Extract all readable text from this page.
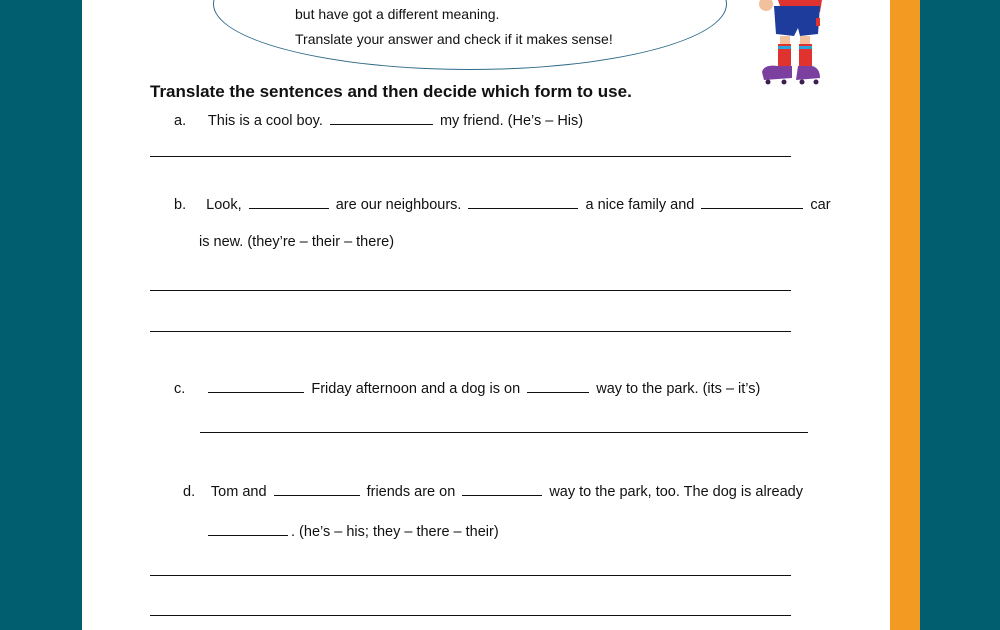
but have got a different meaning.
Translate your answer and check if it makes sense!
Translate the sentences and then decide which form to use.
a. This is a cool boy.	my friend. (He’s – His)
b. Look,	are our neighbours.	a nice family and	car
is new. (they’re – their – there)
c.	Friday afternoon and a dog is on	way to the park. (its – it’s)
d. Tom and	friends are on	way to the park, too. The dog is already
. (he’s – his; they – there – their)
